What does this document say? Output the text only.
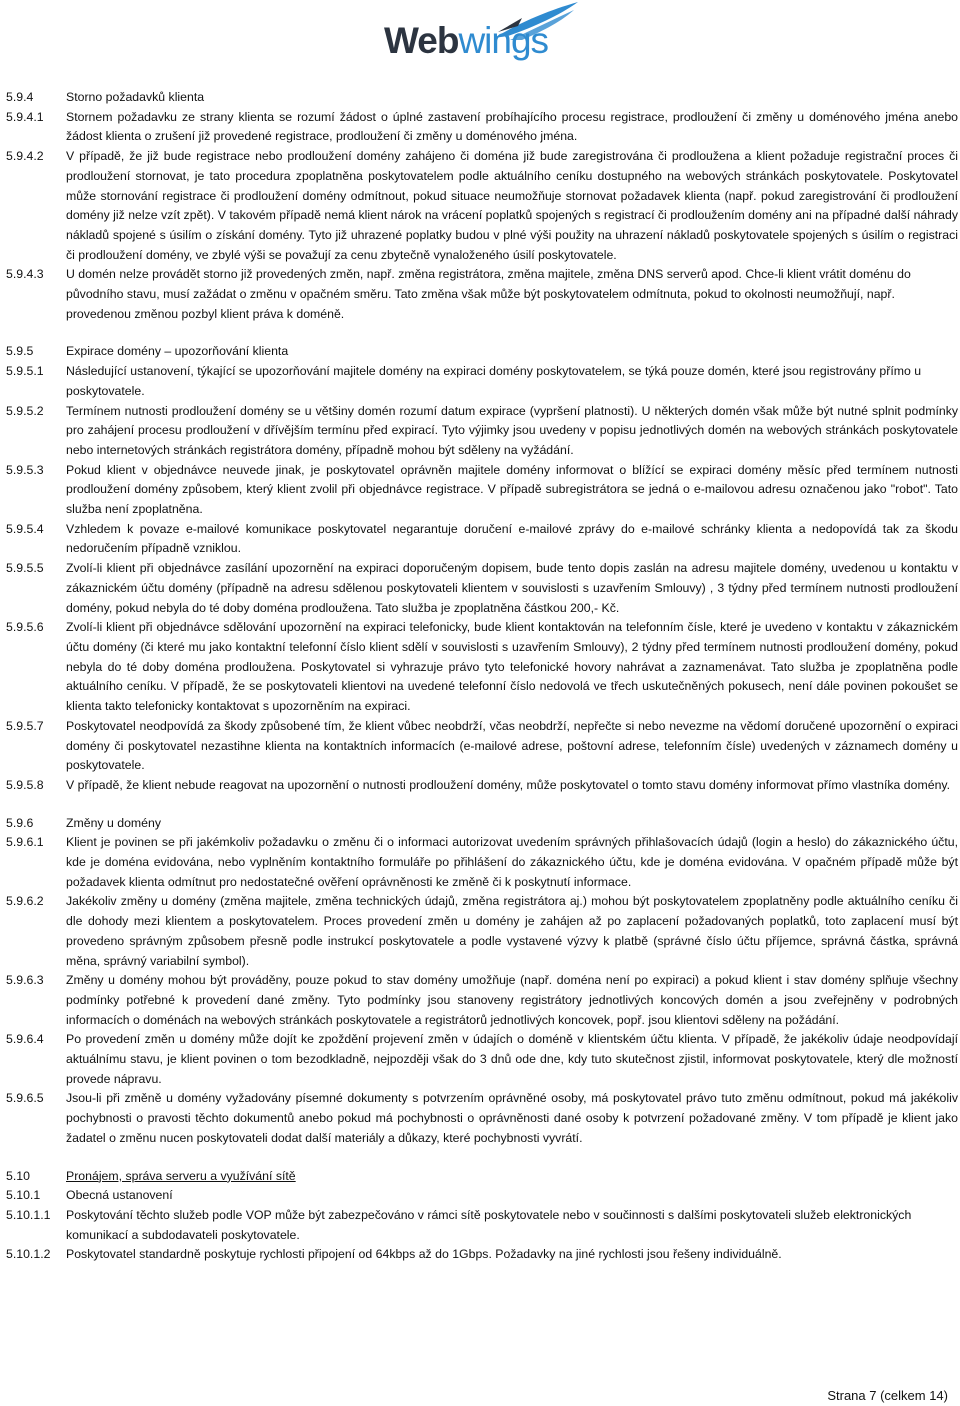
Webwings
5.9.4	Storno požadavků klienta
5.9.4.1	Stornem požadavku ze strany klienta se rozumí žádost o úplné zastavení probíhajícího procesu registrace, prodloužení či změny u doménového jména anebo žádost klienta o zrušení již provedené registrace, prodloužení či změny u doménového jména.
5.9.4.2	V případě, že již bude registrace nebo prodloužení domény zahájeno či doména již bude zaregistrována či prodloužena a klient požaduje registrační proces či prodloužení stornovat, je tato procedura zpoplatněna poskytovatelem podle aktuálního ceníku dostupného na webových stránkách poskytovatele. Poskytovatel může stornování registrace či prodloužení domény odmítnout, pokud situace neumožňuje stornovat požadavek klienta (např. pokud zaregistrování či prodloužení domény již nelze vzít zpět). V takovém případě nemá klient nárok na vrácení poplatků spojených s registrací či prodloužením domény ani na případné další náhrady nákladů spojené s úsilím o získání domény. Tyto již uhrazené poplatky budou v plné výši použity na uhrazení nákladů poskytovatele spojených s úsilím o registraci či prodloužení domény, ve zbylé výši se považují za cenu zbytečně vynaloženého úsilí poskytovatele.
5.9.4.3	U domén nelze provádět storno již provedených změn, např. změna registrátora, změna majitele, změna DNS serverů apod. Chce-li klient vrátit doménu do původního stavu, musí zažádat o změnu v opačném směru. Tato změna však může být poskytovatelem odmítnuta, pokud to okolnosti neumožňují, např. provedenou změnou pozbyl klient práva k doméně.
5.9.5	Expirace domény – upozorňování klienta
5.9.5.1	Následující ustanovení, týkající se upozorňování majitele domény na expiraci domény poskytovatelem, se týká pouze domén, které jsou registrovány přímo u poskytovatele.
5.9.5.2	Termínem nutnosti prodloužení domény se u většiny domén rozumí datum expirace (vypršení platnosti). U některých domén však může být nutné splnit podmínky pro zahájení procesu prodloužení v dřívějším termínu před expirací. Tyto výjimky jsou uvedeny v popisu jednotlivých domén na webových stránkách poskytovatele nebo internetových stránkách registrátora domény, případně mohou být sděleny na vyžádání.
5.9.5.3	Pokud klient v objednávce neuvede jinak, je poskytovatel oprávněn majitele domény informovat o blížící se expiraci domény měsíc před termínem nutnosti prodloužení domény způsobem, který klient zvolil při objednávce registrace. V případě subregistrátora se jedná o e-mailovou adresu označenou jako "robot". Tato služba není zpoplatněna.
5.9.5.4	Vzhledem k povaze e-mailové komunikace poskytovatel negarantuje doručení e-mailové zprávy do e-mailové schránky klienta a nedopovídá tak za škodu nedoručením případně vzniklou.
5.9.5.5	Zvolí-li klient při objednávce zasílání upozornění na expiraci doporučeným dopisem, bude tento dopis zaslán na adresu majitele domény, uvedenou u kontaktu v zákaznickém účtu domény (případně na adresu sdělenou poskytovateli klientem v souvislosti s uzavřením Smlouvy) , 3 týdny před termínem nutnosti prodloužení domény, pokud nebyla do té doby doména prodloužena. Tato služba je zpoplatněna částkou 200,- Kč.
5.9.5.6	Zvolí-li klient při objednávce sdělování upozornění na expiraci telefonicky, bude klient kontaktován na telefonním čísle, které je uvedeno v kontaktu v zákaznickém účtu domény (či které mu jako kontaktní telefonní číslo klient sdělí v souvislosti s uzavřením Smlouvy), 2 týdny před termínem nutnosti prodloužení domény, pokud nebyla do té doby doména prodloužena. Poskytovatel si vyhrazuje právo tyto telefonické hovory nahrávat a zaznamenávat. Tato služba je zpoplatněna podle aktuálního ceníku. V případě, že se poskytovateli klientovi na uvedené telefonní číslo nedovolá ve třech uskutečněných pokusech, není dále povinen pokoušet se klienta takto telefonicky kontaktovat s upozorněním na expiraci.
5.9.5.7	Poskytovatel neodpovídá za škody způsobené tím, že klient vůbec neobdrží, včas neobdrží, nepřečte si nebo nevezme na vědomí doručené upozornění o expiraci domény či poskytovatel nezastihne klienta na kontaktních informacích (e-mailové adrese, poštovní adrese, telefonním čísle) uvedených v záznamech domény u poskytovatele.
5.9.5.8	V případě, že klient nebude reagovat na upozornění o nutnosti prodloužení domény, může poskytovatel o tomto stavu domény informovat přímo vlastníka domény.
5.9.6	Změny u domény
5.9.6.1	Klient je povinen se při jakémkoliv požadavku o změnu či o informaci autorizovat uvedením správných přihlašovacích údajů (login a heslo) do zákaznického účtu, kde je doména evidována, nebo vyplněním kontaktního formuláře po přihlášení do zákaznického účtu, kde je doména evidována. V opačném případě může být požadavek klienta odmítnut pro nedostatečné ověření oprávněnosti ke změně či k poskytnutí informace.
5.9.6.2	Jakékoliv změny u domény (změna majitele, změna technických údajů, změna registrátora aj.) mohou být poskytovatelem zpoplatněny podle aktuálního ceníku či dle dohody mezi klientem a poskytovatelem. Proces provedení změn u domény je zahájen až po zaplacení požadovaných poplatků, toto zaplacení musí být provedeno správným způsobem přesně podle instrukcí poskytovatele a podle vystavené výzvy k platbě (správné číslo účtu příjemce, správná částka, správná měna, správný variabilní symbol).
5.9.6.3	Změny u domény mohou být prováděny, pouze pokud to stav domény umožňuje (např. doména není po expiraci) a pokud klient i stav domény splňuje všechny podmínky potřebné k provedení dané změny. Tyto podmínky jsou stanoveny registrátory jednotlivých koncových domén a jsou zveřejněny v podrobných informacích o doménách na webových stránkách poskytovatele a registrátorů jednotlivých koncovek, popř. jsou klientovi sděleny na požádání.
5.9.6.4	Po provedení změn u domény může dojít ke zpoždění projevení změn v údajích o doméně v klientském účtu klienta. V případě, že jakékoliv údaje neodpovídají aktuálnímu stavu, je klient povinen o tom bezodkladně, nejpozději však do 3 dnů ode dne, kdy tuto skutečnost zjistil, informovat poskytovatele, který dle možností provede nápravu.
5.9.6.5	Jsou-li při změně u domény vyžadovány písemné dokumenty s potvrzením oprávněné osoby, má poskytovatel právo tuto změnu odmítnout, pokud má jakékoliv pochybnosti o pravosti těchto dokumentů anebo pokud má pochybnosti o oprávněnosti dané osoby k potvrzení požadované změny. V tom případě je klient jako žadatel o změnu nucen poskytovateli dodat další materiály a důkazy, které pochybnosti vyvrátí.
5.10	Pronájem, správa serveru a využívání sítě
5.10.1	Obecná ustanovení
5.10.1.1	Poskytování těchto služeb podle VOP může být zabezpečováno v rámci sítě poskytovatele nebo v součinnosti s dalšími poskytovateli služeb elektronických komunikací a subdodavateli poskytovatele.
5.10.1.2	Poskytovatel standardně poskytuje rychlosti připojení od 64kbps až do 1Gbps. Požadavky na jiné rychlosti jsou řešeny individuálně.
Strana 7 (celkem 14)
